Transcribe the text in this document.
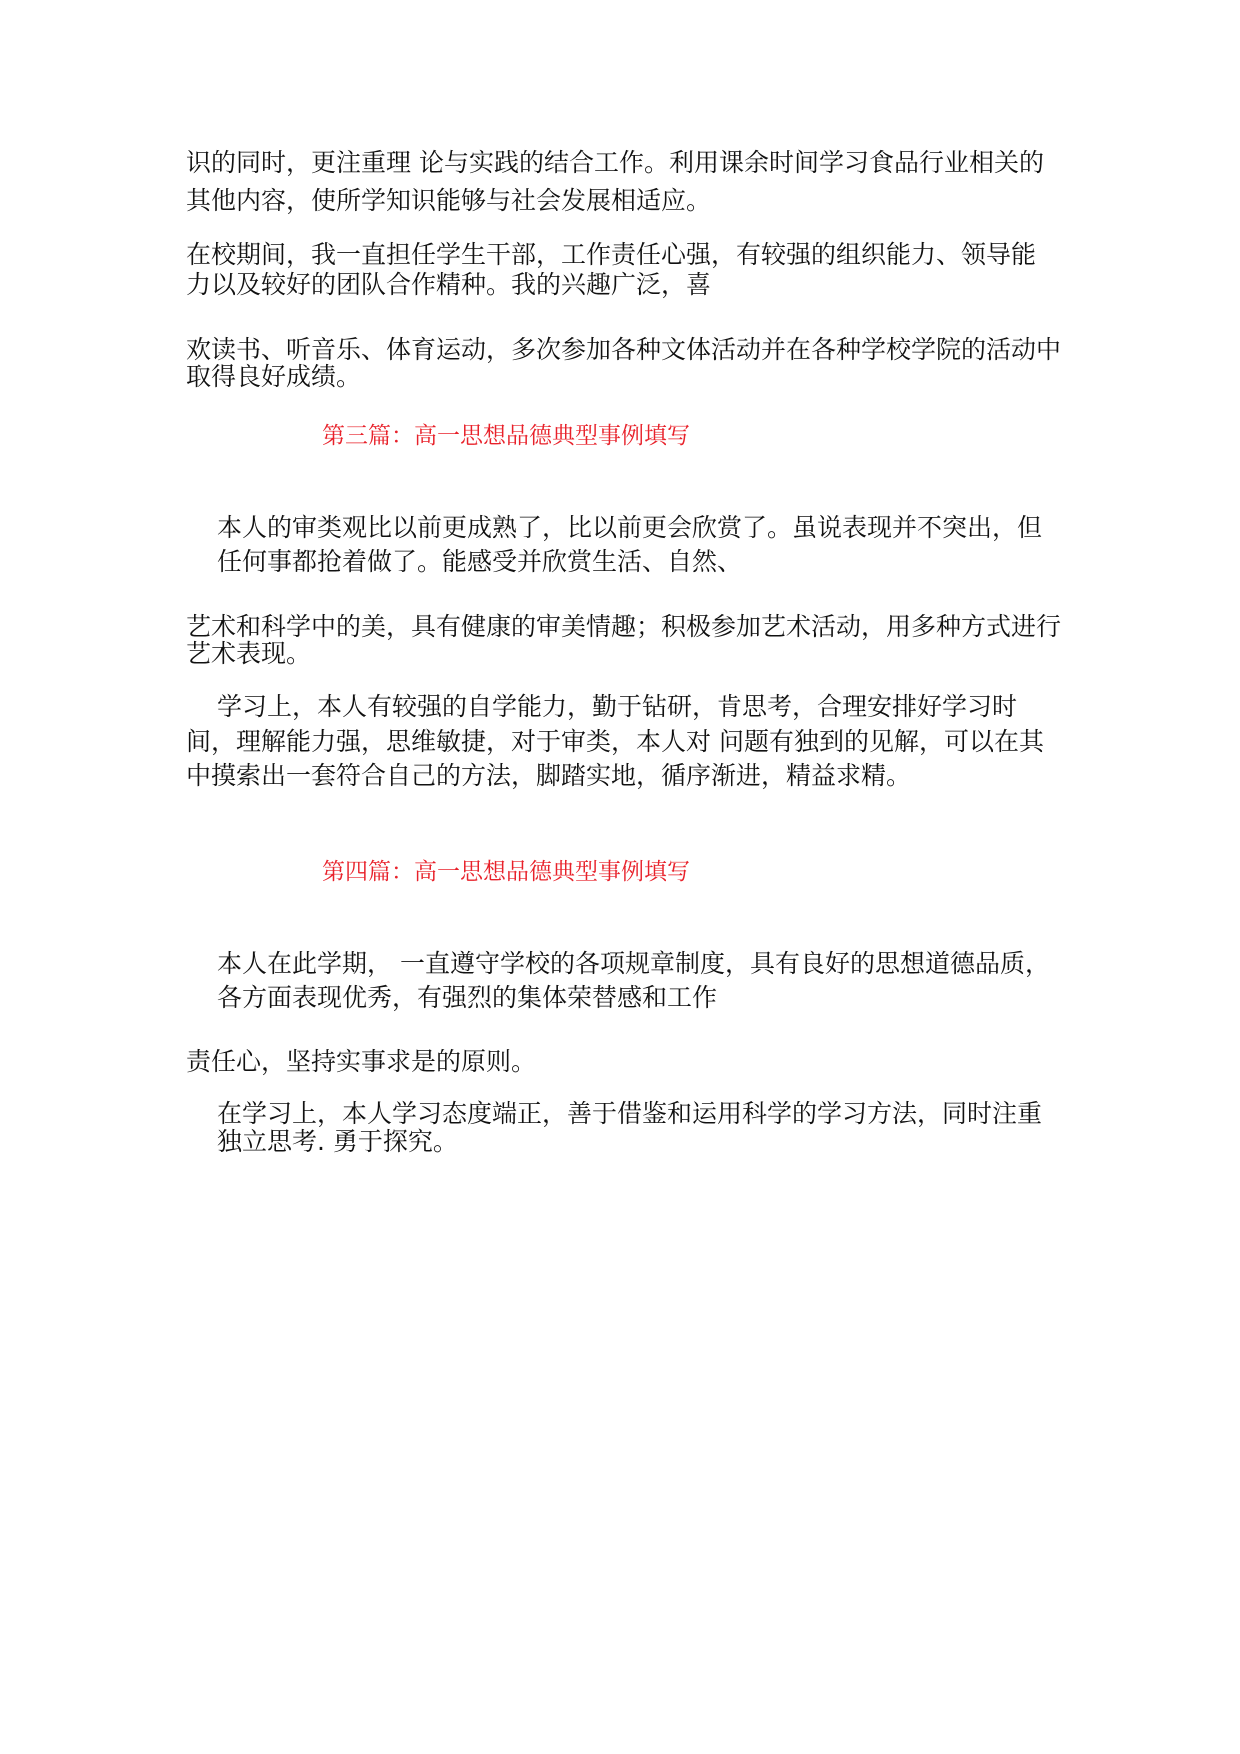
识的同时，更注重理 论与实践的结合工作。利用课余时间学习食品行业相关的
其他内容，使所学知识能够与社会发展相适应。
在校期间，我一直担任学生干部，工作责任心强，有较强的组织能力、领导能
力以及较好的团队合作精种。我的兴趣广泛，喜
欢读书、听音乐、体育运动，多次参加各种文体活动并在各种学校学院的活动中
取得良好成绩。
第三篇：高一思想品德典型事例填写
本人的审类观比以前更成熟了，比以前更会欣赏了。虽说表现并不突出，但
任何事都抢着做了。能感受并欣赏生活、自然、
艺术和科学中的美，具有健康的审美情趣；积极参加艺术活动，用多种方式进行
艺术表现。
学习上，本人有较强的自学能力，勤于钻研，肯思考，合理安排好学习时
间，理解能力强，思维敏捷，对于审类，本人对 问题有独到的见解，可以在其
中摸索出一套符合自己的方法，脚踏实地，循序渐进，精益求精。
第四篇：高一思想品德典型事例填写
本人在此学期， 一直遵守学校的各项规章制度，具有良好的思想道德品质，
各方面表现优秀，有强烈的集体荣替感和工作
责任心，坚持实事求是的原则。
在学习上，本人学习态度端正，善于借鉴和运用科学的学习方法，同时注重
独立思考. 勇于探究。
